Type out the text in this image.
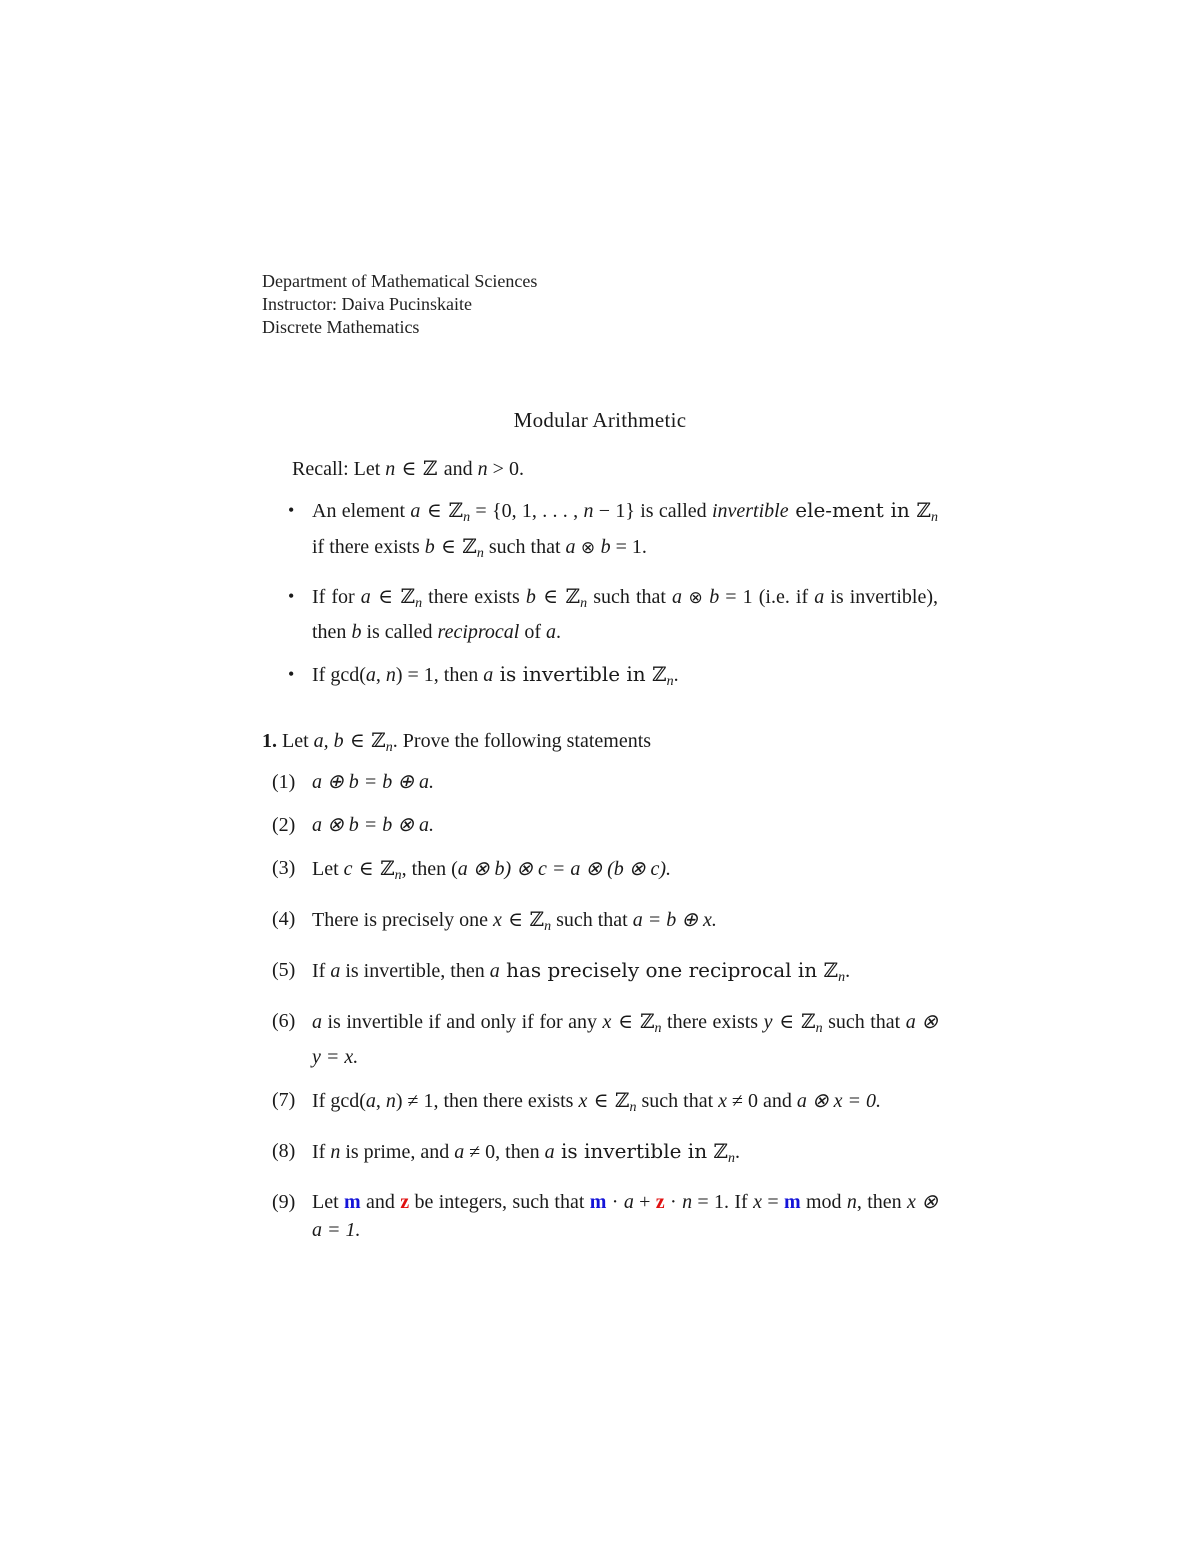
Department of Mathematical Sciences
Instructor: Daiva Pucinskaite
Discrete Mathematics
Modular Arithmetic
Recall: Let n ∈ ℤ and n > 0.
• An element a ∈ ℤ$_n$ = {0, 1, . . . , n − 1} is called invertible ele-ment in ℤ$_n$ if there exists b ∈ ℤ$_n$ such that a ⊗ b = 1.
• If for a ∈ ℤ$_n$ there exists b ∈ ℤ$_n$ such that a ⊗ b = 1 (i.e. if a is invertible), then b is called reciprocal of a.
• If gcd(a, n) = 1, then a is invertible in ℤ$_n$.
1. Let a, b ∈ ℤ$_n$. Prove the following statements
(1) a ⊕ b = b ⊕ a.
(2) a ⊗ b = b ⊗ a.
(3) Let c ∈ ℤ$_n$, then (a ⊗ b) ⊗ c = a ⊗ (b ⊗ c).
(4) There is precisely one x ∈ ℤ$_n$ such that a = b ⊕ x.
(5) If a is invertible, then a has precisely one reciprocal in ℤ$_n$.
(6) a is invertible if and only if for any x ∈ ℤ$_n$ there exists y ∈ ℤ$_n$ such that a ⊗ y = x.
(7) If gcd(a, n) ≠ 1, then there exists x ∈ ℤ$_n$ such that x ≠ 0 and a ⊗ x = 0.
(8) If n is prime, and a ≠ 0, then a is invertible in ℤ$_n$.
(9) Let m and z be integers, such that m · a + z · n = 1. If x = m mod n, then x ⊗ a = 1.
